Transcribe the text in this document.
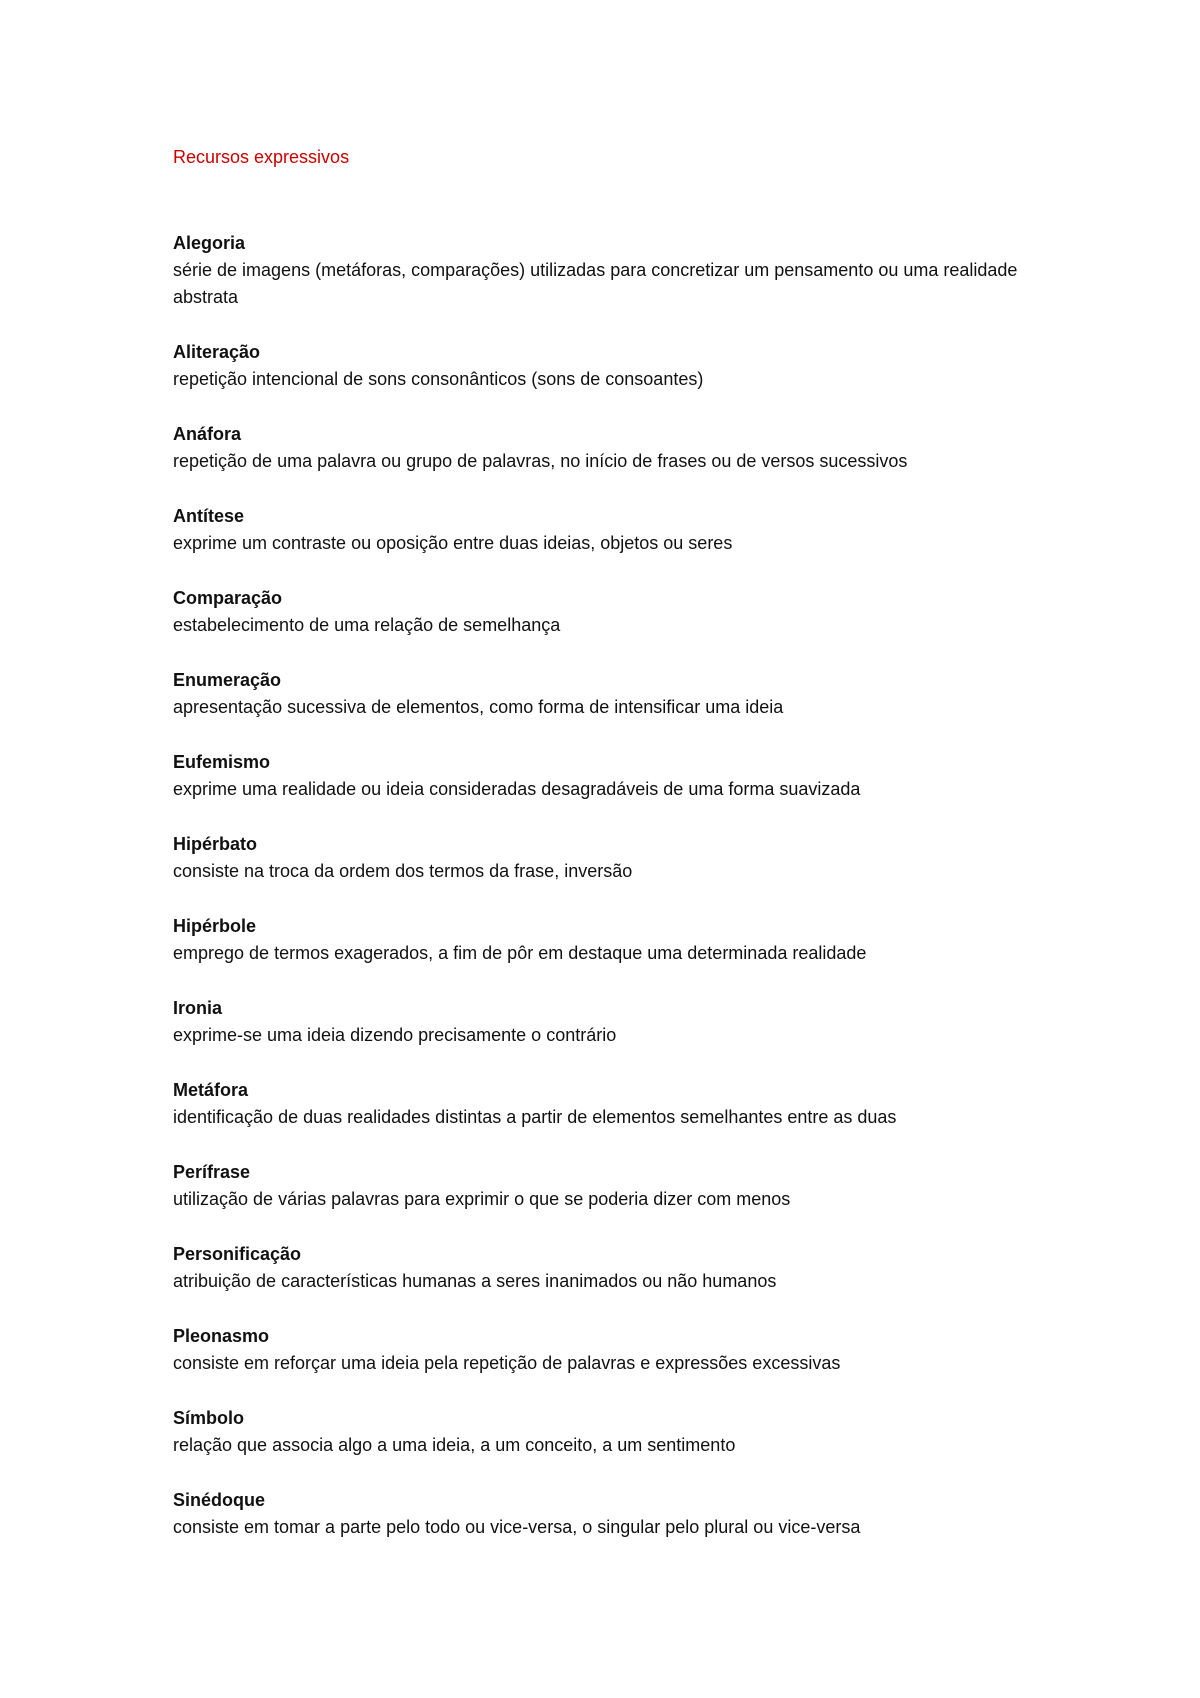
Recursos expressivos
Alegoria
série de imagens (metáforas, comparações) utilizadas para concretizar um pensamento ou uma realidade abstrata
Aliteração
repetição intencional de sons consonânticos (sons de consoantes)
Anáfora
repetição de uma palavra ou grupo de palavras, no início de frases ou de versos sucessivos
Antítese
exprime um contraste ou oposição entre duas ideias, objetos ou seres
Comparação
estabelecimento de uma relação de semelhança
Enumeração
apresentação sucessiva de elementos, como forma de intensificar uma ideia
Eufemismo
exprime uma realidade ou ideia consideradas desagradáveis de uma forma suavizada
Hipérbato
consiste na troca da ordem dos termos da frase, inversão
Hipérbole
emprego de termos exagerados, a fim de pôr em destaque uma determinada realidade
Ironia
exprime-se uma ideia dizendo precisamente o contrário
Metáfora
identificação de duas realidades distintas a partir de elementos semelhantes entre as duas
Perífrase
utilização de várias palavras para exprimir o que se poderia dizer com menos
Personificação
atribuição de características humanas a seres inanimados ou não humanos
Pleonasmo
consiste em reforçar uma ideia pela repetição de palavras e expressões excessivas
Símbolo
relação que associa algo a uma ideia, a um conceito, a um sentimento
Sinédoque
consiste em tomar a parte pelo todo ou vice-versa, o singular pelo plural ou vice-versa
